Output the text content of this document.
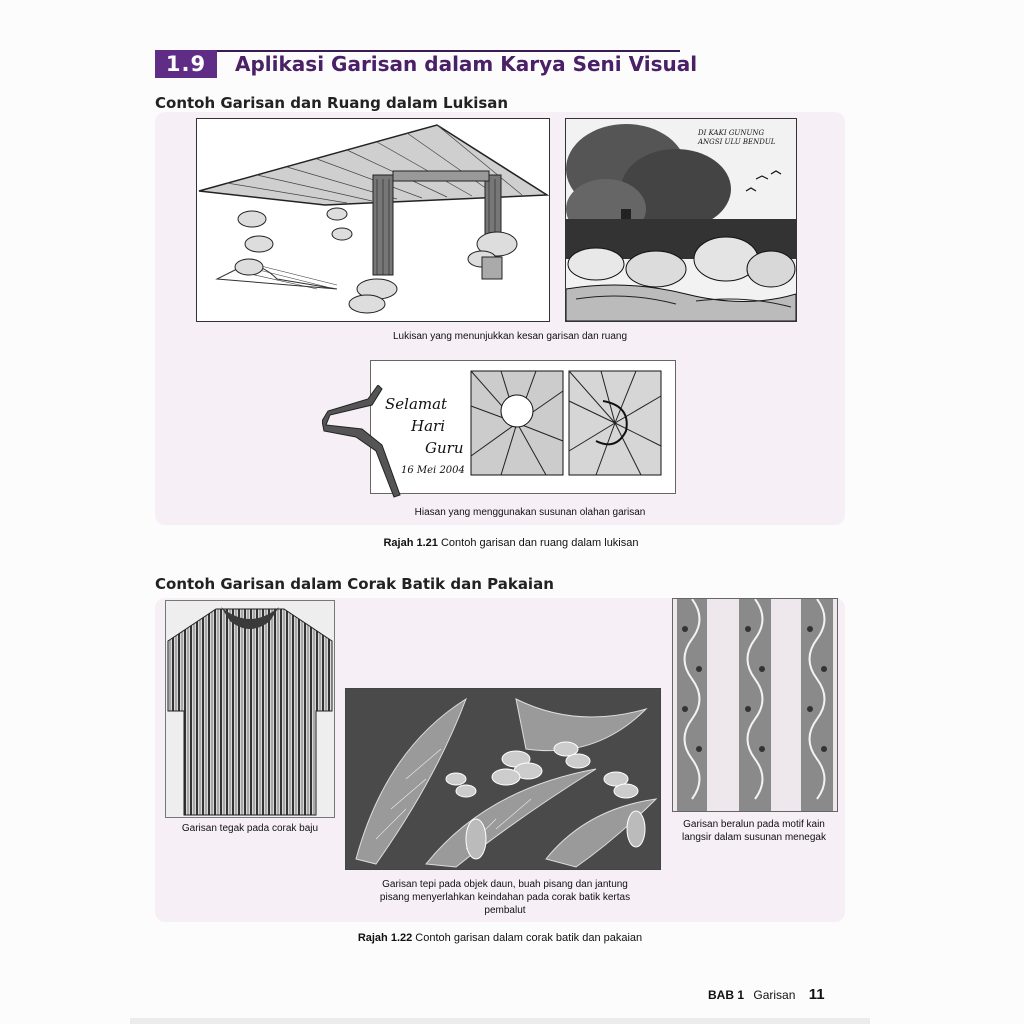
1.9	Aplikasi Garisan dalam Karya Seni Visual
Contoh Garisan dan Ruang dalam Lukisan
DI KAKI GUNUNG ANGSI ULU BENDUL
Lukisan yang menunjukkan kesan garisan dan ruang
Selamat
Hari
Guru
16 Mei 2004
Hiasan yang menggunakan susunan olahan garisan
Rajah 1.21 Contoh garisan dan ruang dalam lukisan
Contoh Garisan dalam Corak Batik dan Pakaian
Garisan tegak pada corak baju
Garisan tepi pada objek daun, buah pisang dan jantung pisang menyerlahkan keindahan pada corak batik kertas pembalut
Garisan beralun pada motif kain langsir dalam susunan menegak
Rajah 1.22 Contoh garisan dalam corak batik dan pakaian
BAB 1 Garisan 11
